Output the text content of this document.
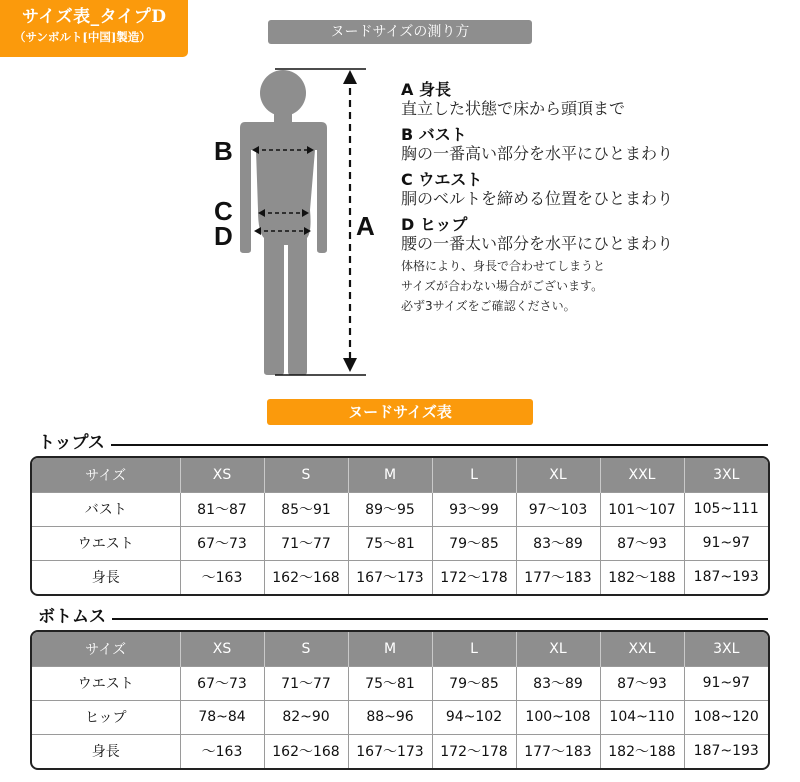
サイズ表_タイプD
（サンボルト[中国]製造）	ヌードサイズの測り方
B
C
D	A
A 身長
直立した状態で床から頭頂まで
B バスト
胸の一番高い部分を水平にひとまわり
C ウエスト
胴のベルトを締める位置をひとまわり
D ヒップ
腰の一番太い部分を水平にひとまわり
体格により、身長で合わせてしまうと
サイズが合わない場合がございます。
必ず3サイズをご確認ください。
ヌードサイズ表
トップス
サイズ	XS	S	M	L	XL	XXL	3XL
バスト	81～87	85～91	89～95	93～99	97～103	101～107	105~111
ウエスト	67～73	71～77	75～81	79～85	83～89	87～93	91~97
身長	～163	162～168	167～173	172～178	177～183	182～188	187~193
ボトムス
サイズ	XS	S	M	L	XL	XXL	3XL
ウエスト	67～73	71～77	75～81	79～85	83～89	87～93	91~97
ヒップ	78~84	82~90	88~96	94~102	100~108	104~110	108~120
身長	～163	162～168	167～173	172～178	177～183	182～188	187~193
